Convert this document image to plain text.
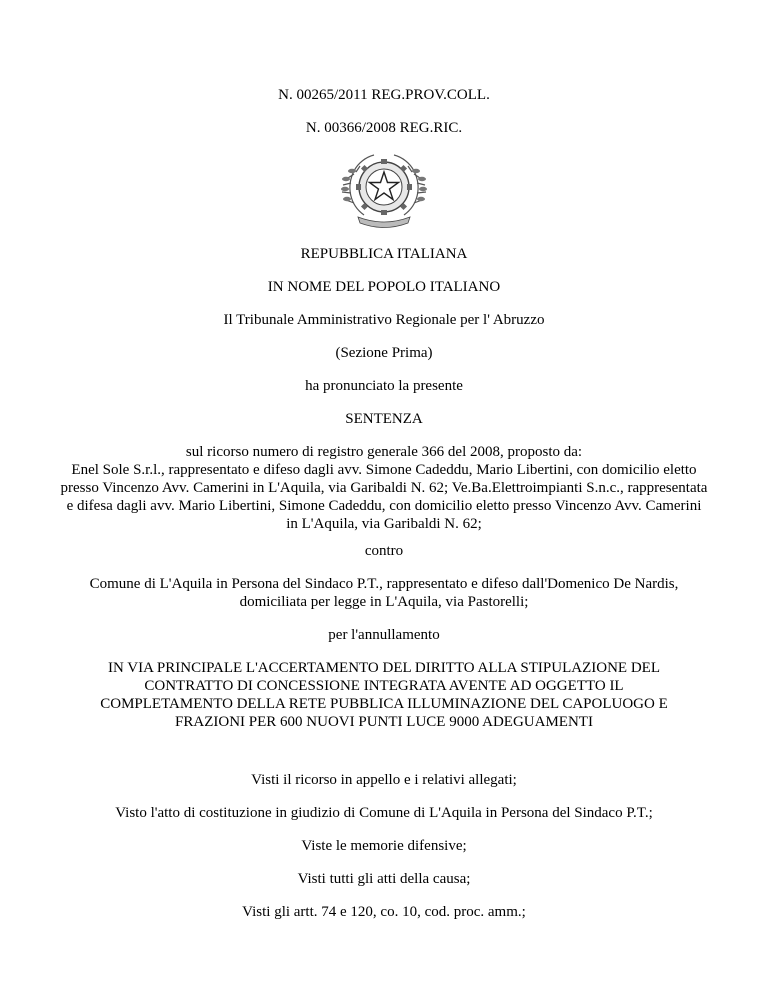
N. 00265/2011 REG.PROV.COLL.
N. 00366/2008 REG.RIC.
REPUBBLICA ITALIANA
IN NOME DEL POPOLO ITALIANO
Il Tribunale Amministrativo Regionale per l' Abruzzo
(Sezione Prima)
ha pronunciato la presente
SENTENZA
sul ricorso numero di registro generale 366 del 2008, proposto da:
Enel Sole S.r.l., rappresentato e difeso dagli avv. Simone Cadeddu, Mario Libertini, con domicilio eletto presso Vincenzo Avv. Camerini in L'Aquila, via Garibaldi N. 62; Ve.Ba.Elettroimpianti S.n.c., rappresentata e difesa dagli avv. Mario Libertini, Simone Cadeddu, con domicilio eletto presso Vincenzo Avv. Camerini in L'Aquila, via Garibaldi N. 62;
contro
Comune di L'Aquila in Persona del Sindaco P.T., rappresentato e difeso dall'Domenico De Nardis, domiciliata per legge in L'Aquila, via Pastorelli;
per l'annullamento
IN VIA PRINCIPALE L'ACCERTAMENTO DEL DIRITTO ALLA STIPULAZIONE DEL CONTRATTO DI CONCESSIONE INTEGRATA AVENTE AD OGGETTO IL COMPLETAMENTO DELLA RETE PUBBLICA ILLUMINAZIONE DEL CAPOLUOGO E FRAZIONI PER 600 NUOVI PUNTI LUCE 9000 ADEGUAMENTI
Visti il ricorso in appello e i relativi allegati;
Visto l'atto di costituzione in giudizio di Comune di L'Aquila in Persona del Sindaco P.T.;
Viste le memorie difensive;
Visti tutti gli atti della causa;
Visti gli artt. 74 e 120, co. 10, cod. proc. amm.;
